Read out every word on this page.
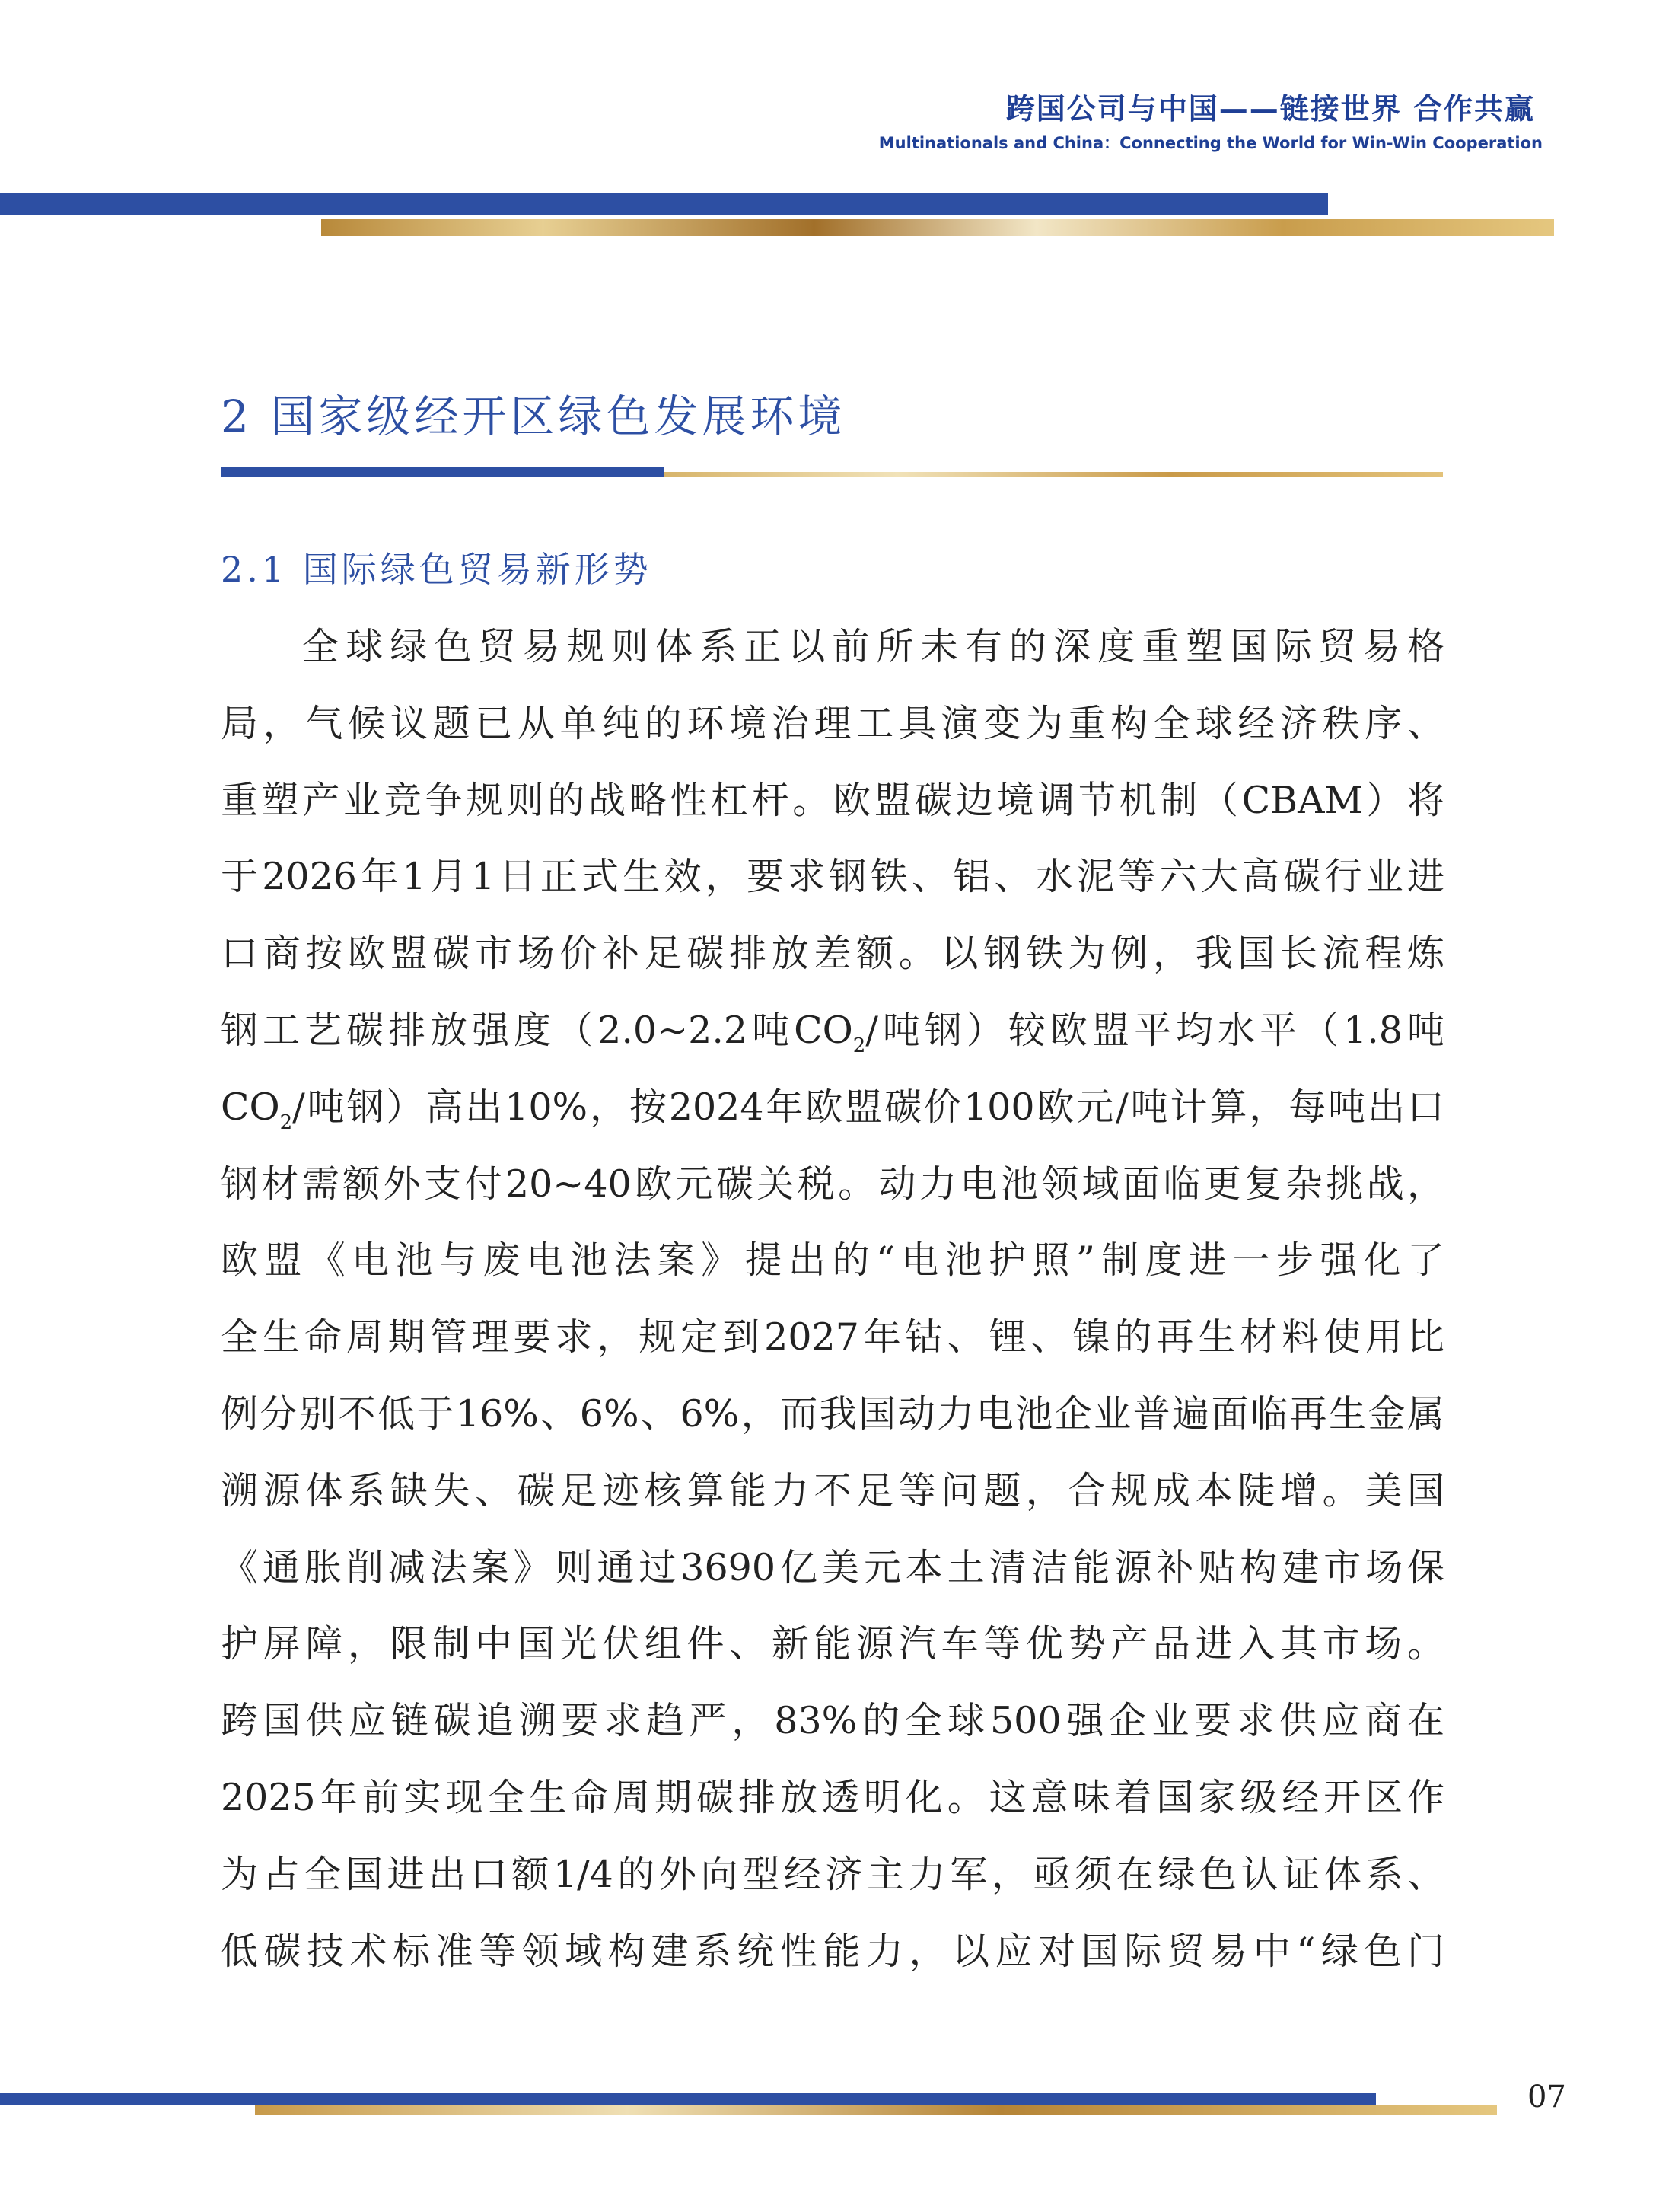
跨国公司与中国——链接世界 合作共赢
Multinationals and China：Connecting the World for Win-Win Cooperation
2 国家级经开区绿色发展环境
2.1 国际绿色贸易新形势
全球绿色贸易规则体系正以前所未有的深度重塑国际贸易格
局，气候议题已从单纯的环境治理工具演变为重构全球经济秩序、
重塑产业竞争规则的战略性杠杆。欧盟碳边境调节机制（CBAM）将
于2026年1月1日正式生效，要求钢铁、铝、水泥等六大高碳行业进
口商按欧盟碳市场价补足碳排放差额。以钢铁为例，我国长流程炼
钢工艺碳排放强度（2.0~2.2吨$CO_2/$吨钢）较欧盟平均水平（1.8吨
$CO_2/$吨钢）高出10%，按2024年欧盟碳价100欧元/吨计算，每吨出口
钢材需额外支付20~40欧元碳关税。动力电池领域面临更复杂挑战，
欧盟《电池与废电池法案》提出的“电池护照”制度进一步强化了
全生命周期管理要求，规定到2027年钴、锂、镍的再生材料使用比
例分别不低于16%、6%、6%，而我国动力电池企业普遍面临再生金属
溯源体系缺失、碳足迹核算能力不足等问题，合规成本陡增。美国
《通胀削减法案》则通过3690亿美元本土清洁能源补贴构建市场保
护屏障，限制中国光伏组件、新能源汽车等优势产品进入其市场。
跨国供应链碳追溯要求趋严，83%的全球500强企业要求供应商在
2025年前实现全生命周期碳排放透明化。这意味着国家级经开区作
为占全国进出口额1/4的外向型经济主力军，亟须在绿色认证体系、
低碳技术标准等领域构建系统性能力，以应对国际贸易中“绿色门
07
